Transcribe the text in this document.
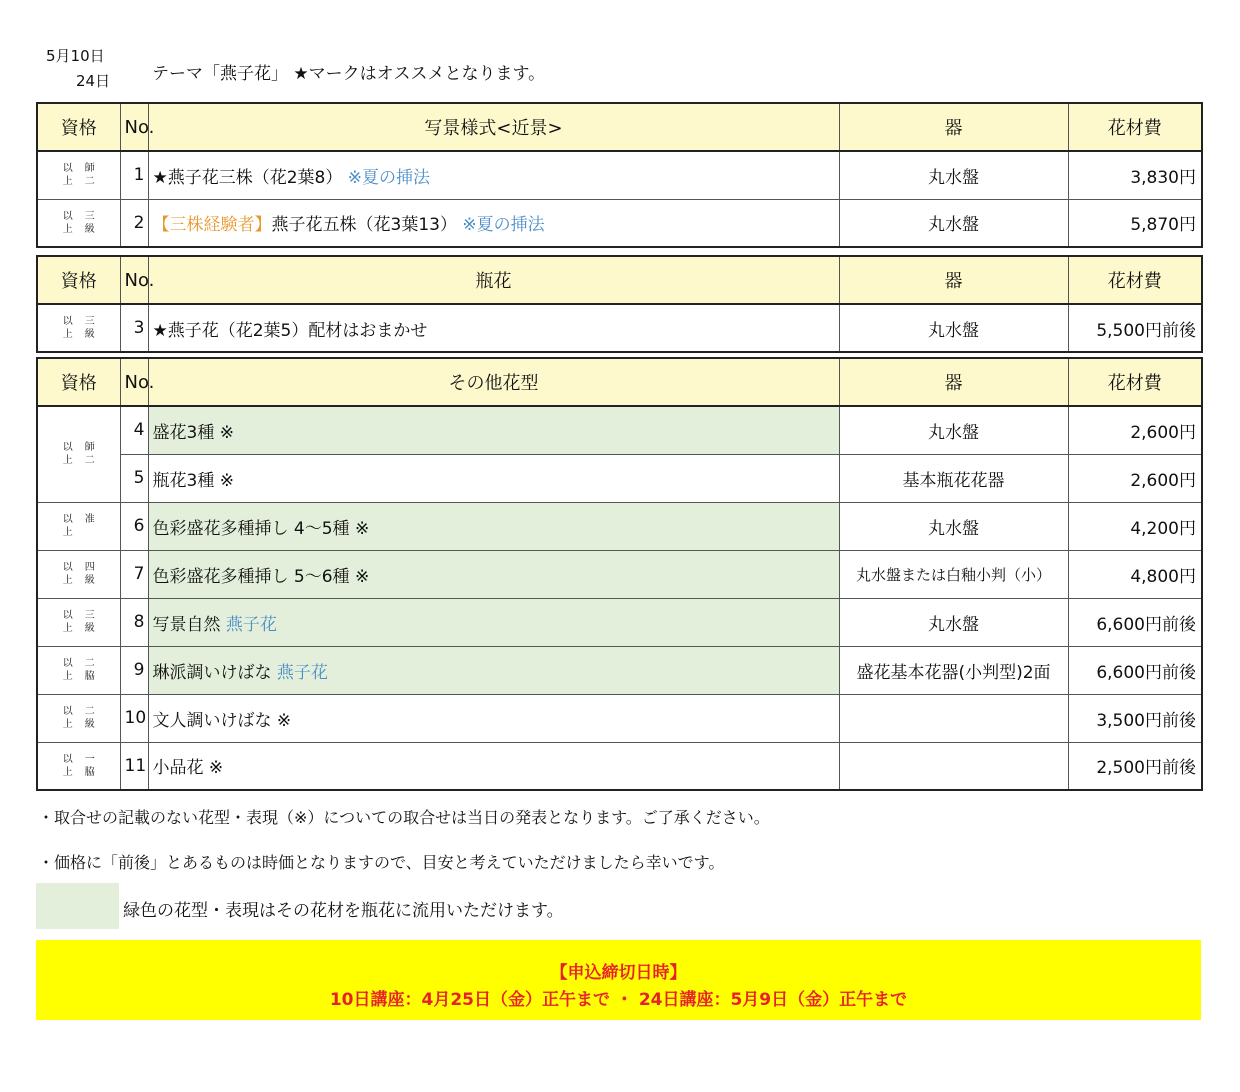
5月10日
24日 テーマ「燕子花」 ★マークはオススメとなります。
資格	No.	写景様式<近景>	器	花材費

以 師
上 二	1	★燕子花三株（花2葉8） ※夏の挿法	丸水盤	3,830円

以 三
上 級	2	【三株経験者】燕子花五株（花3葉13） ※夏の挿法	丸水盤	5,870円
資格	No.	瓶花	器	花材費

以 三
上 級	3	★燕子花（花2葉5）配材はおまかせ	丸水盤	5,500円前後
資格	No.	その他花型	器	花材費

以 師
上 二	4	盛花3種 ※	丸水盤	2,600円
	5	瓶花3種 ※	基本瓶花花器	2,600円

以 准
上	6	色彩盛花多種挿し 4〜5種 ※	丸水盤	4,200円

以 四
上 級	7	色彩盛花多種挿し 5〜6種 ※	丸水盤または白釉小判（小）	4,800円

以 三
上 級	8	写景自然 燕子花	丸水盤	6,600円前後

以 二
上 脇	9	琳派調いけばな 燕子花	盛花基本花器(小判型)2面	6,600円前後

以 二
上 級	10	文人調いけばな ※		3,500円前後

以 一
上 脇	11	小品花 ※		2,500円前後
・取合せの記載のない花型・表現（※）についての取合せは当日の発表となります。ご了承ください。
・価格に「前後」とあるものは時価となりますので、目安と考えていただけましたら幸いです。
緑色の花型・表現はその花材を瓶花に流用いただけます。
【申込締切日時】
10日講座：4月25日（金）正午まで ・ 24日講座：5月9日（金）正午まで
